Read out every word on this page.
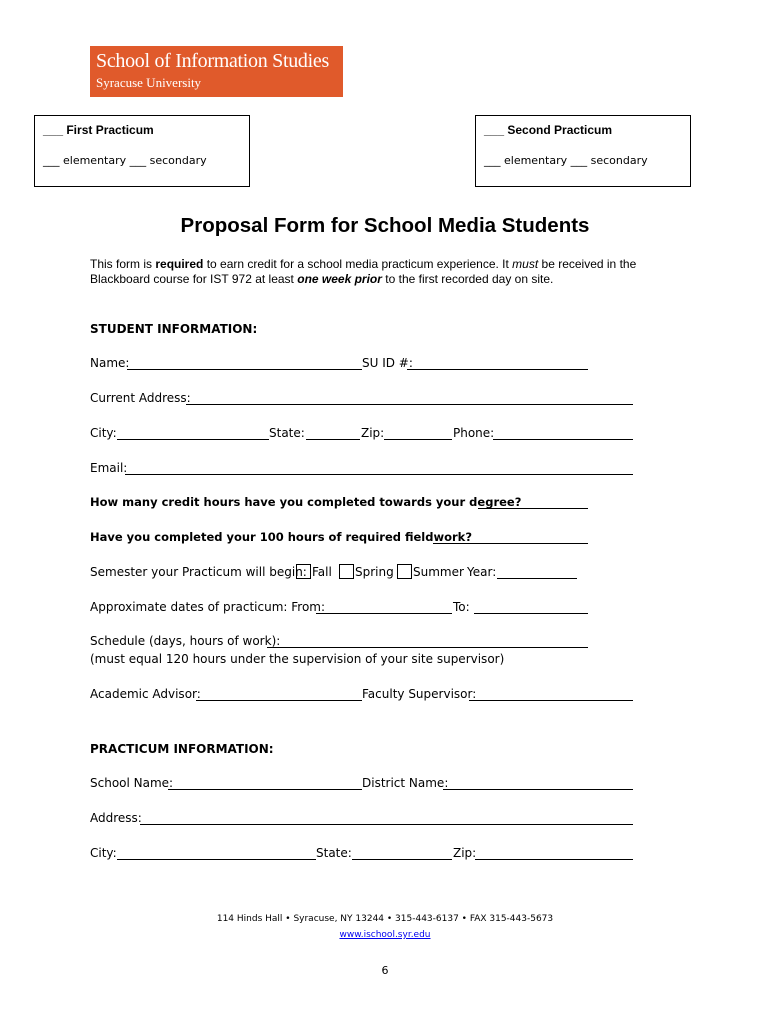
School of Information Studies
Syracuse University
___ First Practicum
___ elementary ___ secondary
___ Second Practicum
___ elementary ___ secondary
Proposal Form for School Media Students
This form is required to earn credit for a school media practicum experience. It must be received in the Blackboard course for IST 972 at least one week prior to the first recorded day on site.
STUDENT INFORMATION:
Name:	SU ID #:
Current Address:
City:	State:	Zip:	Phone:
Email:
How many credit hours have you completed towards your degree?
Have you completed your 100 hours of required fieldwork?
Semester your Practicum will begin: Fall Spring Summer Year:
Approximate dates of practicum: From:	To:
Schedule (days, hours of work):
(must equal 120 hours under the supervision of your site supervisor)
Academic Advisor:	Faculty Supervisor:
PRACTICUM INFORMATION:
School Name:	District Name:
Address:
City:	State:	Zip:
114 Hinds Hall • Syracuse, NY 13244 • 315-443-6137 • FAX 315-443-5673
www.ischool.syr.edu
6
